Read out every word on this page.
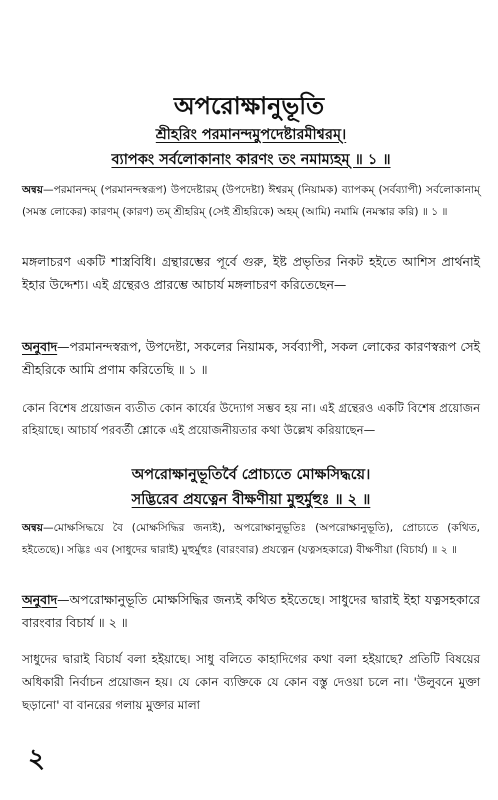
অপরোক্ষানুভূতি
শ্রীহরিং পরমানন্দমুপদেষ্টারমীশ্বরম্‌।
ব্যাপকং সর্বলোকানাং কারণং তং নমাম্যহম্‌ ॥ ১ ॥

অন্বয়—পরমানন্দম্‌ (পরমানন্দস্বরূপ) উপদেষ্টারম্‌ (উপদেষ্টা) ঈশ্বরম্‌ (নিয়ামক) ব্যাপকম্‌ (সর্বব্যাপী) সর্বলোকানাম্‌ (সমস্ত লোকের) কারণম্‌ (কারণ) তম্‌ শ্রীহরিম্‌ (সেই শ্রীহরিকে) অহম্‌ (আমি) নমামি (নমস্কার করি) ॥ ১ ॥

মঙ্গলাচরণ একটি শাস্ত্রবিধি। গ্রন্থারম্ভের পূর্বে গুরু, ইষ্ট প্রভৃতির নিকট হইতে আশিস প্রার্থনাই ইহার উদ্দেশ্য। এই গ্রন্থেরও প্রারম্ভে আচার্য মঙ্গলাচরণ করিতেছেন—

অনুবাদ—পরমানন্দস্বরূপ, উপদেষ্টা, সকলের নিয়ামক, সর্বব্যাপী, সকল লোকের কারণস্বরূপ সেই শ্রীহরিকে আমি প্রণাম করিতেছি ॥ ১ ॥

কোন বিশেষ প্রয়োজন ব্যতীত কোন কার্যের উদ্যোগ সম্ভব হয় না। এই গ্রন্থেরও একটি বিশেষ প্রয়োজন রহিয়াছে। আচার্য পরবর্তী শ্লোকে এই প্রয়োজনীয়তার কথা উল্লেখ করিয়াছেন—

অপরোক্ষানুভূতির্বৈ প্রোচ্যতে মোক্ষসিদ্ধয়ে।
সদ্ভিরেব প্রযত্নেন বীক্ষণীয়া মুহুর্মুহুঃ ॥ ২ ॥

অন্বয়—মোক্ষসিদ্ধয়ে বৈ (মোক্ষসিদ্ধির জন্যই), অপরোক্ষানুভূতিঃ (অপরোক্ষানুভূতি), প্রোচ্যতে (কথিত, হইতেছে)। সদ্ভিঃ এব (সাধুদের দ্বারাই) মুহুর্মুহুঃ (বারংবার) প্রযত্নেন (যত্নসহকারে) বীক্ষণীয়া (বিচার্য) ॥ ২ ॥

অনুবাদ—অপরোক্ষানুভূতি মোক্ষসিদ্ধির জন্যই কথিত হইতেছে। সাধুদের দ্বারাই ইহা যত্নসহকারে বারংবার বিচার্য ॥ ২ ॥

সাধুদের দ্বারাই বিচার্য বলা হইয়াছে। সাধু বলিতে কাহাদিগের কথা বলা হইয়াছে? প্রতিটি বিষয়ের অধিকারী নির্বাচন প্রয়োজন হয়। যে কোন ব্যক্তিকে যে কোন বস্তু দেওয়া চলে না। 'উলুবনে মুক্তা ছড়ানো' বা বানরের গলায় মুক্তার মালা

২
